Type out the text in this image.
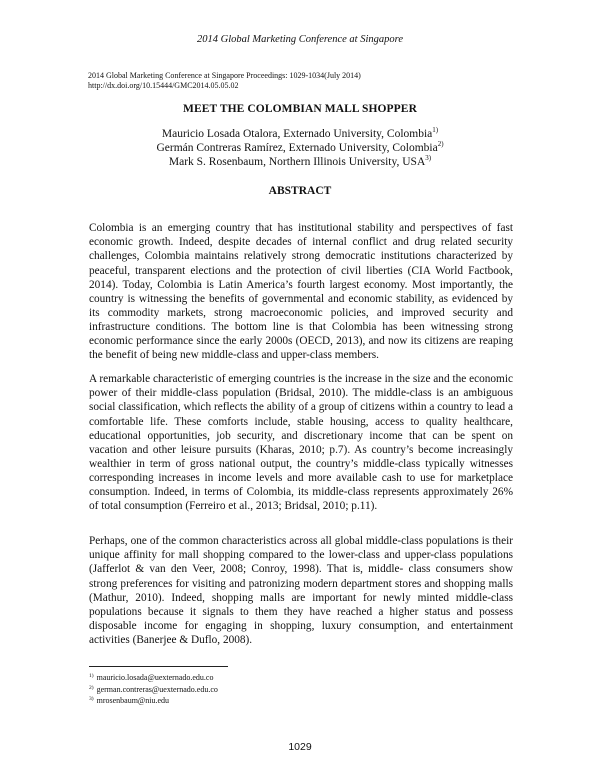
2014 Global Marketing Conference at Singapore
2014 Global Marketing Conference at Singapore Proceedings: 1029-1034(July 2014)
http://dx.doi.org/10.15444/GMC2014.05.05.02
MEET THE COLOMBIAN MALL SHOPPER
Mauricio Losada Otalora, Externado University, Colombia$^{1)}$
Germán Contreras Ramírez, Externado University, Colombia$^{2)}$
Mark S. Rosenbaum, Northern Illinois University, USA$^{3)}$
ABSTRACT

Colombia is an emerging country that has institutional stability and perspectives of fast economic growth. Indeed, despite decades of internal conflict and drug related security challenges, Colombia maintains relatively strong democratic institutions characterized by peaceful, transparent elections and the protection of civil liberties (CIA World Factbook, 2014). Today, Colombia is Latin America’s fourth largest economy. Most importantly, the country is witnessing the benefits of governmental and economic stability, as evidenced by its commodity markets, strong macroeconomic policies, and improved security and infrastructure conditions. The bottom line is that Colombia has been witnessing strong economic performance since the early 2000s (OECD, 2013), and now its citizens are reaping the benefit of being new middle-class and upper-class members.

A remarkable characteristic of emerging countries is the increase in the size and the economic power of their middle-class population (Bridsal, 2010). The middle-class is an ambiguous social classification, which reflects the ability of a group of citizens within a country to lead a comfortable life. These comforts include, stable housing, access to quality healthcare, educational opportunities, job security, and discretionary income that can be spent on vacation and other leisure pursuits (Kharas, 2010; p.7). As country’s become increasingly wealthier in term of gross national output, the country’s middle-class typically witnesses corresponding increases in income levels and more available cash to use for marketplace consumption. Indeed, in terms of Colombia, its middle-class represents approximately 26% of total consumption (Ferreiro et al., 2013; Bridsal, 2010; p.11).

Perhaps, one of the common characteristics across all global middle-class populations is their unique affinity for mall shopping compared to the lower-class and upper-class populations (Jafferlot & van den Veer, 2008; Conroy, 1998). That is, middle- class consumers show strong preferences for visiting and patronizing modern department stores and shopping malls (Mathur, 2010). Indeed, shopping malls are important for newly minted middle-class populations because it signals to them they have reached a higher status and possess disposable income for engaging in shopping, luxury consumption, and entertainment activities (Banerjee & Duflo, 2008).

$^{1)}$ mauricio.losada@uexternado.edu.co
$^{2)}$ german.contreras@uexternado.edu.co
$^{3)}$ mrosenbaum@niu.edu
1029
